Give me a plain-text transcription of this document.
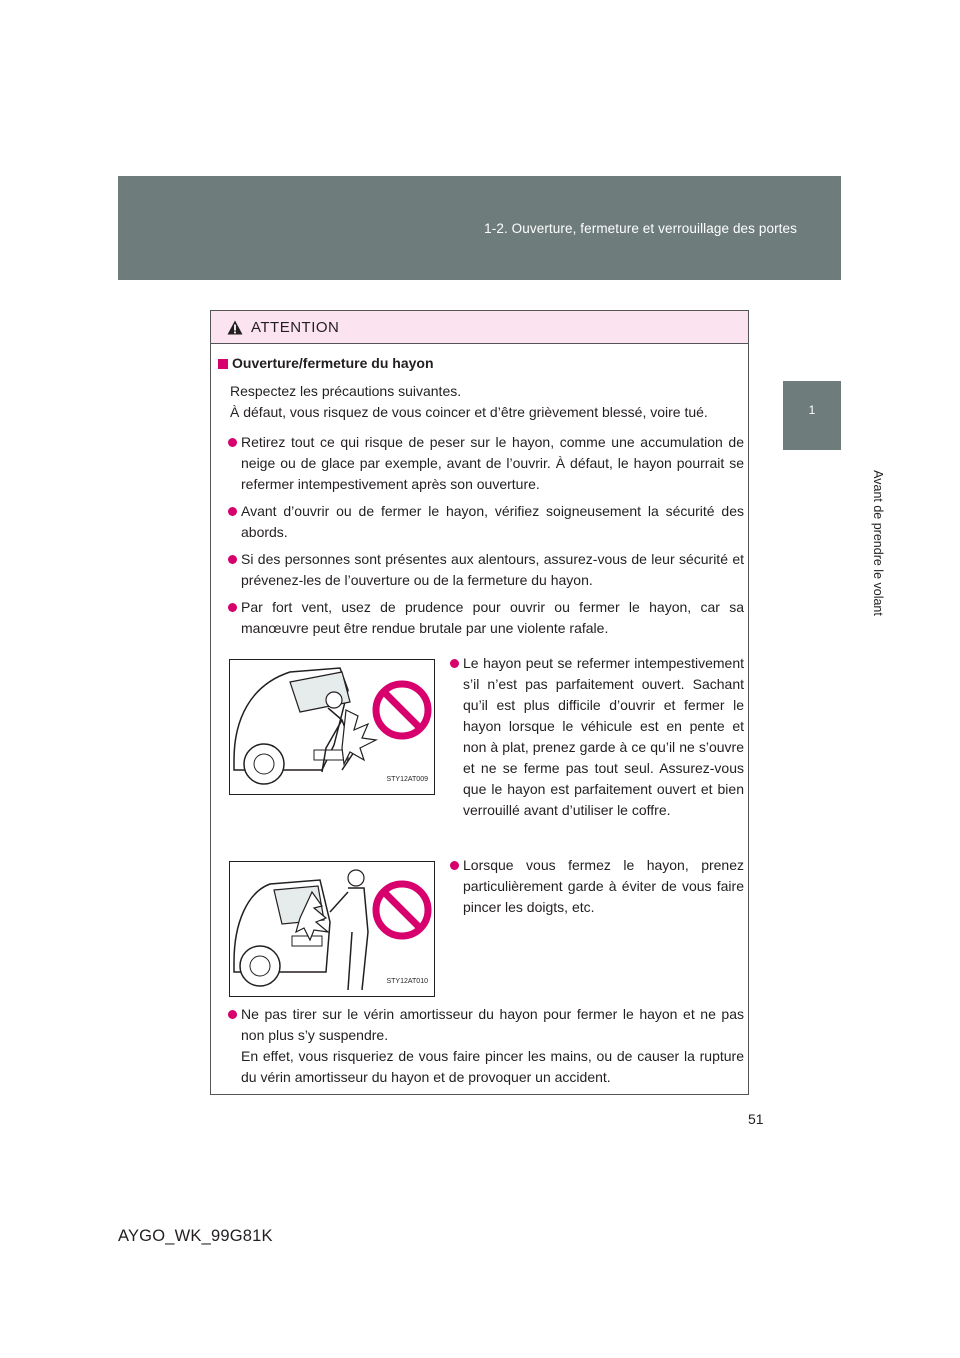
1-2. Ouverture, fermeture et verrouillage des portes
1
Avant de prendre le volant
ATTENTION
Ouverture/fermeture du hayon
Respectez les précautions suivantes.
À défaut, vous risquez de vous coincer et d’être grièvement blessé, voire tué.
Retirez tout ce qui risque de peser sur le hayon, comme une accumulation de neige ou de glace par exemple, avant de l’ouvrir. À défaut, le hayon pourrait se refermer intempestivement après son ouverture.
Avant d’ouvrir ou de fermer le hayon, vérifiez soigneusement la sécurité des abords.
Si des personnes sont présentes aux alentours, assurez-vous de leur sécurité et prévenez-les de l’ouverture ou de la fermeture du hayon.
Par fort vent, usez de prudence pour ouvrir ou fermer le hayon, car sa manœuvre peut être rendue brutale par une violente rafale.
STY12AT009
Le hayon peut se refermer intempestivement s’il n’est pas parfaitement ouvert. Sachant qu’il est plus difficile d’ouvrir et fermer le hayon lorsque le véhicule est en pente et non à plat, prenez garde à ce qu’il ne s’ouvre et ne se ferme pas tout seul. Assurez-vous que le hayon est parfaitement ouvert et bien verrouillé avant d’utiliser le coffre.
STY12AT010
Lorsque vous fermez le hayon, prenez particulièrement garde à éviter de vous faire pincer les doigts, etc.
Ne pas tirer sur le vérin amortisseur du hayon pour fermer le hayon et ne pas non plus s’y suspendre.
En effet, vous risqueriez de vous faire pincer les mains, ou de causer la rupture du vérin amortisseur du hayon et de provoquer un accident.
51
AYGO_WK_99G81K
